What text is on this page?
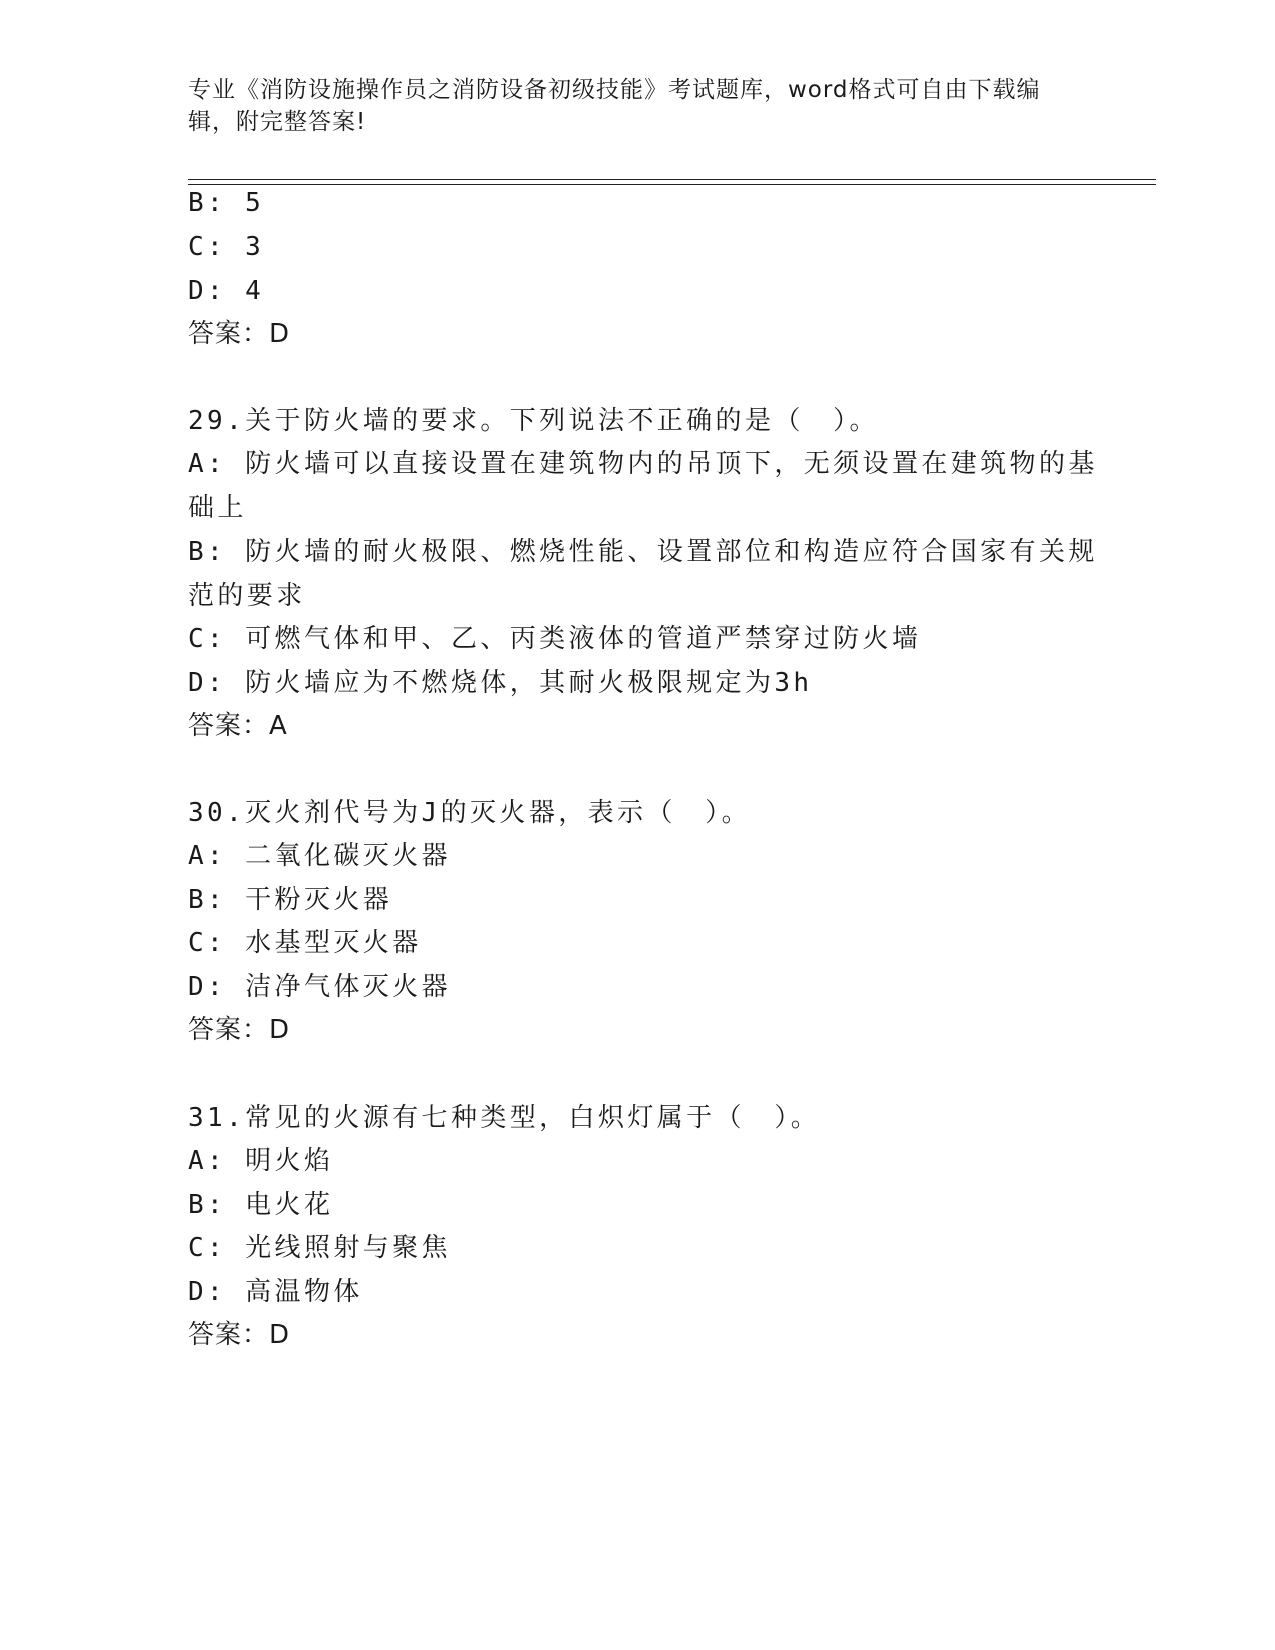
专业《消防设施操作员之消防设备初级技能》考试题库，word格式可自由下载编辑，附完整答案!
B: 5
C: 3
D: 4
答案：D
29.关于防火墙的要求。下列说法不正确的是（　）。
A: 防火墙可以直接设置在建筑物内的吊顶下，无须设置在建筑物的基
础上
B: 防火墙的耐火极限、燃烧性能、设置部位和构造应符合国家有关规
范的要求
C: 可燃气体和甲、乙、丙类液体的管道严禁穿过防火墙
D: 防火墙应为不燃烧体，其耐火极限规定为3h
答案：A
30.灭火剂代号为J的灭火器，表示（　）。
A: 二氧化碳灭火器
B: 干粉灭火器
C: 水基型灭火器
D: 洁净气体灭火器
答案：D
31.常见的火源有七种类型，白炽灯属于（　）。
A: 明火焰
B: 电火花
C: 光线照射与聚焦
D: 高温物体
答案：D
